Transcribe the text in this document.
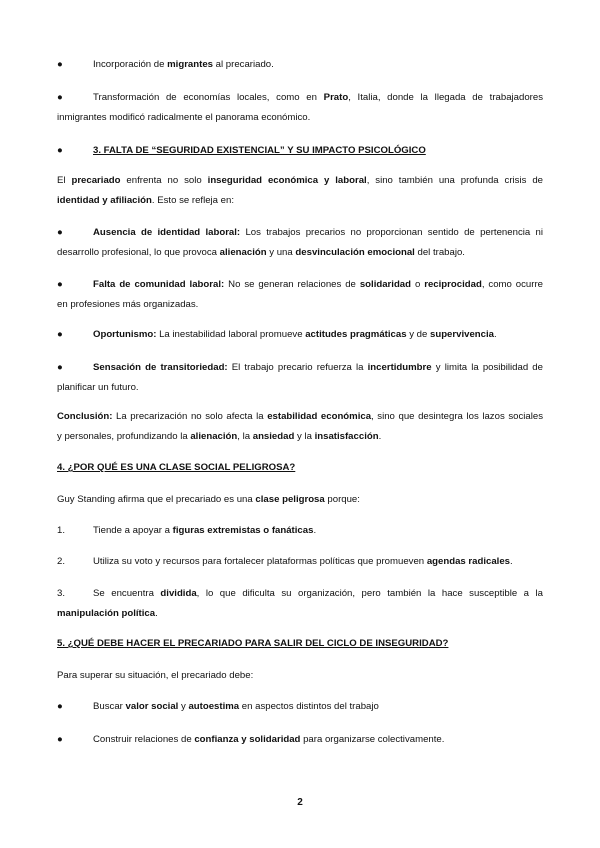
●	Incorporación de migrantes al precariado.
●	Transformación de economías locales, como en Prato, Italia, donde la llegada de trabajadores
inmigrantes modificó radicalmente el panorama económico.
●	3. FALTA DE “SEGURIDAD EXISTENCIAL” Y SU IMPACTO PSICOLÓGICO
El precariado enfrenta no solo inseguridad económica y laboral, sino también una profunda crisis de
identidad y afiliación. Esto se refleja en:
●	Ausencia de identidad laboral: Los trabajos precarios no proporcionan sentido de pertenencia ni
desarrollo profesional, lo que provoca alienación y una desvinculación emocional del trabajo.
●	Falta de comunidad laboral: No se generan relaciones de solidaridad o reciprocidad, como ocurre
en profesiones más organizadas.
●	Oportunismo: La inestabilidad laboral promueve actitudes pragmáticas y de supervivencia.
●	Sensación de transitoriedad: El trabajo precario refuerza la incertidumbre y limita la posibilidad de
planificar un futuro.
Conclusión: La precarización no solo afecta la estabilidad económica, sino que desintegra los lazos sociales
y personales, profundizando la alienación, la ansiedad y la insatisfacción.
4. ¿POR QUÉ ES UNA CLASE SOCIAL PELIGROSA?
Guy Standing afirma que el precariado es una clase peligrosa porque:
1.	Tiende a apoyar a figuras extremistas o fanáticas.
2.	Utiliza su voto y recursos para fortalecer plataformas políticas que promueven agendas radicales.
3.	Se encuentra dividida, lo que dificulta su organización, pero también la hace susceptible a la
manipulación política.
5. ¿QUÉ DEBE HACER EL PRECARIADO PARA SALIR DEL CICLO DE INSEGURIDAD?
Para superar su situación, el precariado debe:
●	Buscar valor social y autoestima en aspectos distintos del trabajo
●	Construir relaciones de confianza y solidaridad para organizarse colectivamente.
2
